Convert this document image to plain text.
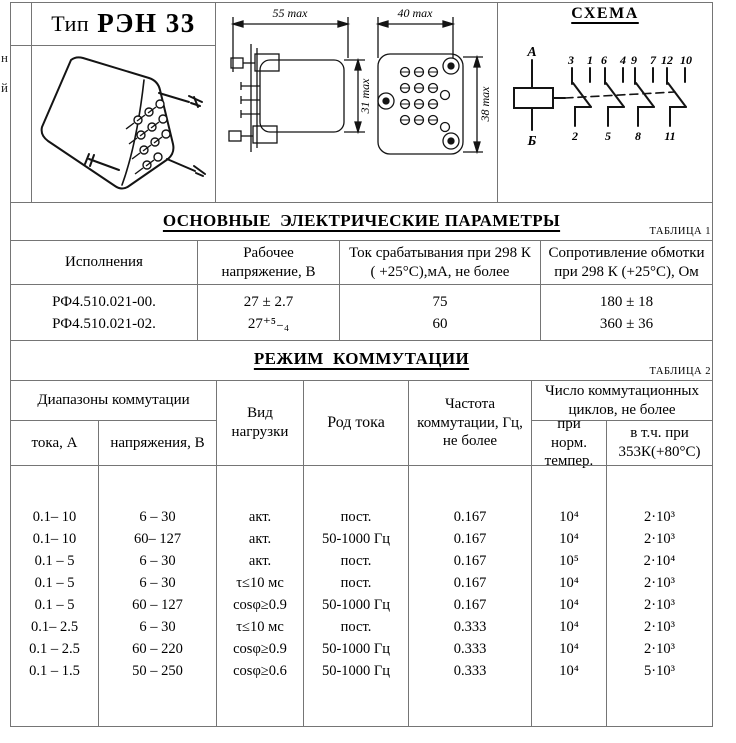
н
й
Тип РЭН 33	55 max
31 max
40 max
38 max
СХЕМА
А
Б
3 1 6 4 9 7 12 10
2 5 8 11
ОСНОВНЫЕ  ЭЛЕКТРИЧЕСКИЕ ПАРАМЕТРЫ
ТАБЛИЦА 1
Исполнения
Рабочее напряжение, В
Ток срабатывания при 298 К ( +25°С),мА, не более
Сопротивление обмотки при 298 К (+25°С), Ом
РФ4.510.021-00.
РФ4.510.021-02.
27 ± 2.7
27⁺⁵₋₄
75
60
180 ± 18
360 ± 36
РЕЖИМ  КОММУТАЦИИ
ТАБЛИЦА 2
Диапазоны коммутации
тока, А	напряжения, В
Вид нагрузки
Род тока
Частота коммутации, Гц, не более
Число коммутационных циклов, не более
при норм. темпер.
в т.ч. при 353К(+80°С)
0.1– 10
0.1– 10
0.1 – 5
0.1 – 5
0.1 – 5
0.1– 2.5
0.1 – 2.5
0.1 – 1.5
6 – 30
60– 127
6 – 30
6 – 30
60 – 127
6 – 30
60 – 220
50 – 250
акт.
акт.
акт.
τ≤10 мс
cosφ≥0.9
τ≤10 мс
cosφ≥0.9
cosφ≥0.6
пост.
50-1000 Гц
пост.
пост.
50-1000 Гц
пост.
50-1000 Гц
50-1000 Гц
0.167
0.167
0.167
0.167
0.167
0.333
0.333
0.333
10⁴
10⁴
10⁵
10⁴
10⁴
10⁴
10⁴
10⁴
2·10³
2·10³
2·10⁴
2·10³
2·10³
2·10³
2·10³
5·10³
